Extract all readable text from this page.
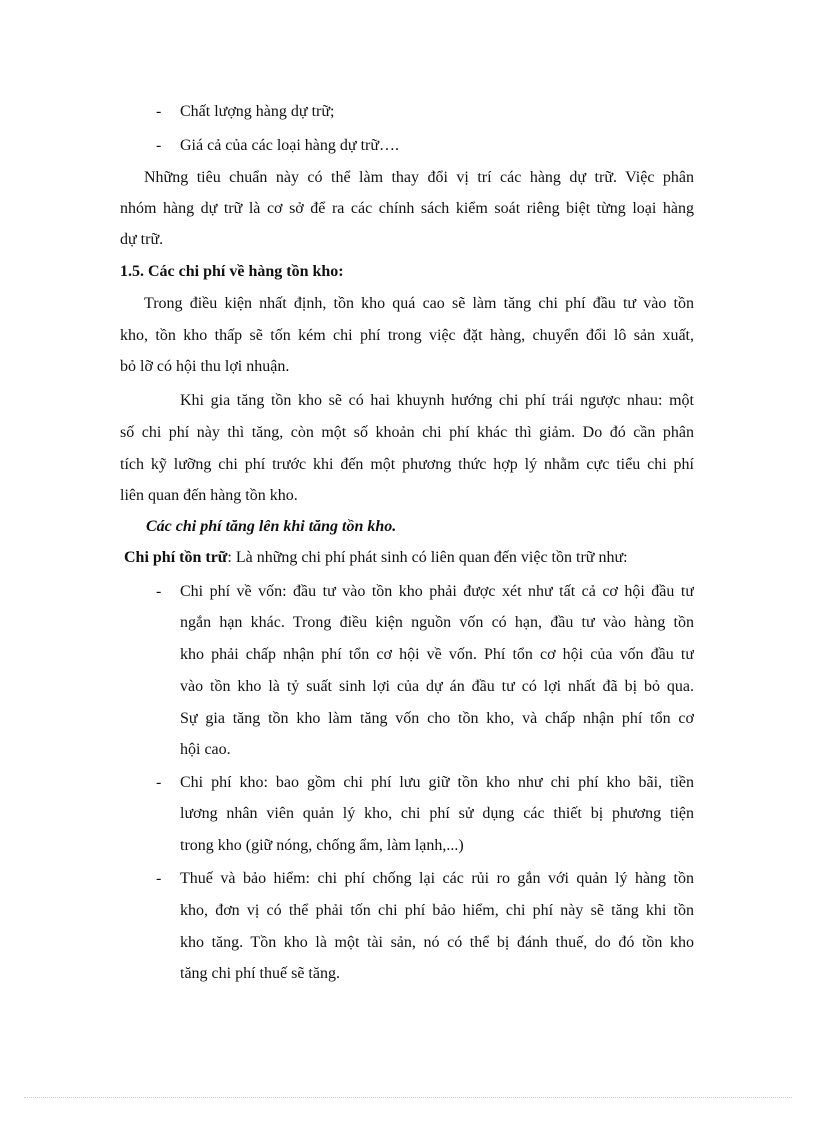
- Chất lượng hàng dự trữ;
- Giá cả của các loại hàng dự trữ….
Những tiêu chuẩn này có thể làm thay đổi vị trí các hàng dự trữ. Việc phân
nhóm hàng dự trữ là cơ sở để ra các chính sách kiểm soát riêng biệt từng loại hàng
dự trữ.
1.5. Các chi phí về hàng tồn kho:
Trong điều kiện nhất định, tồn kho quá cao sẽ làm tăng chi phí đầu tư vào tồn
kho, tồn kho thấp sẽ tốn kém chi phí trong việc đặt hàng, chuyển đổi lô sản xuất,
bỏ lỡ có hội thu lợi nhuận.
Khi gia tăng tồn kho sẽ có hai khuynh hướng chi phí trái ngược nhau: một
số chi phí này thì tăng, còn một số khoản chi phí khác thì giảm. Do đó cần phân
tích kỹ lưỡng chi phí trước khi đến một phương thức hợp lý nhằm cực tiểu chi phí
liên quan đến hàng tồn kho.
Các chi phí tăng lên khi tăng tồn kho.
Chi phí tồn trữ: Là những chi phí phát sinh có liên quan đến việc tồn trữ như:
- Chi phí về vốn: đầu tư vào tồn kho phải được xét như tất cả cơ hội đầu tư
ngắn hạn khác. Trong điều kiện nguồn vốn có hạn, đầu tư vào hàng tồn
kho phải chấp nhận phí tổn cơ hội về vốn. Phí tổn cơ hội của vốn đầu tư
vào tồn kho là tỷ suất sinh lợi của dự án đầu tư có lợi nhất đã bị bỏ qua.
Sự gia tăng tồn kho làm tăng vốn cho tồn kho, và chấp nhận phí tổn cơ
hội cao.
- Chi phí kho: bao gồm chi phí lưu giữ tồn kho như chi phí kho bãi, tiền
lương nhân viên quản lý kho, chi phí sử dụng các thiết bị phương tiện
trong kho (giữ nóng, chống ẩm, làm lạnh,...)
- Thuế và bảo hiểm: chi phí chống lại các rủi ro gắn với quản lý hàng tồn
kho, đơn vị có thể phải tốn chi phí bảo hiểm, chi phí này sẽ tăng khi tồn
kho tăng. Tồn kho là một tài sản, nó có thể bị đánh thuế, do đó tồn kho
tăng chi phí thuế sẽ tăng.
